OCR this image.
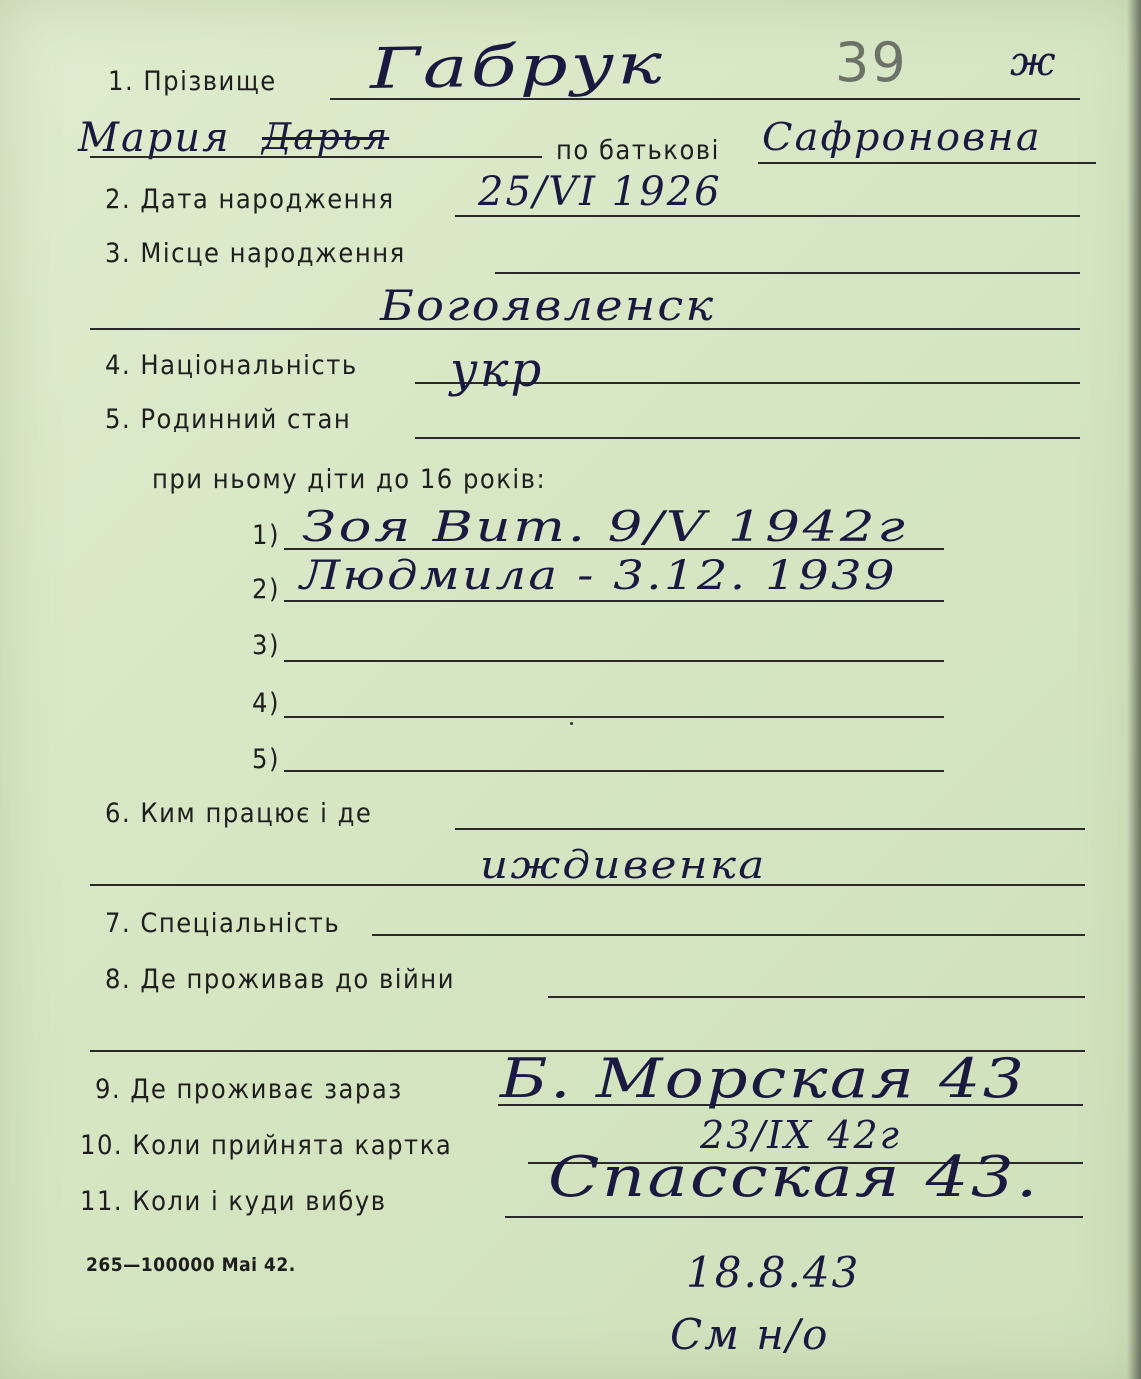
1. Прізвище Габрук	39	ж
Мария Дарья	по батькові Сафроновна
2. Дата народження 25/VI 1926
3. Місце народження
Богоявленск
4. Національність укр
5. Родинний стан
при ньому діти до 16 років:
1) Зоя Вит. 9/V 1942г
2) Людмила - 3.12. 1939
3)
4)
5)
6. Ким працює і де
иждивенка
7. Спеціальність
8. Де проживав до війни
9. Де проживає зараз Б. Морская 43
10. Коли прийнята картка	23/IX 42г
11. Коли і куди вибув	Спасская 43.
265—100000 Mai 42.	18.8.43
См н/о
